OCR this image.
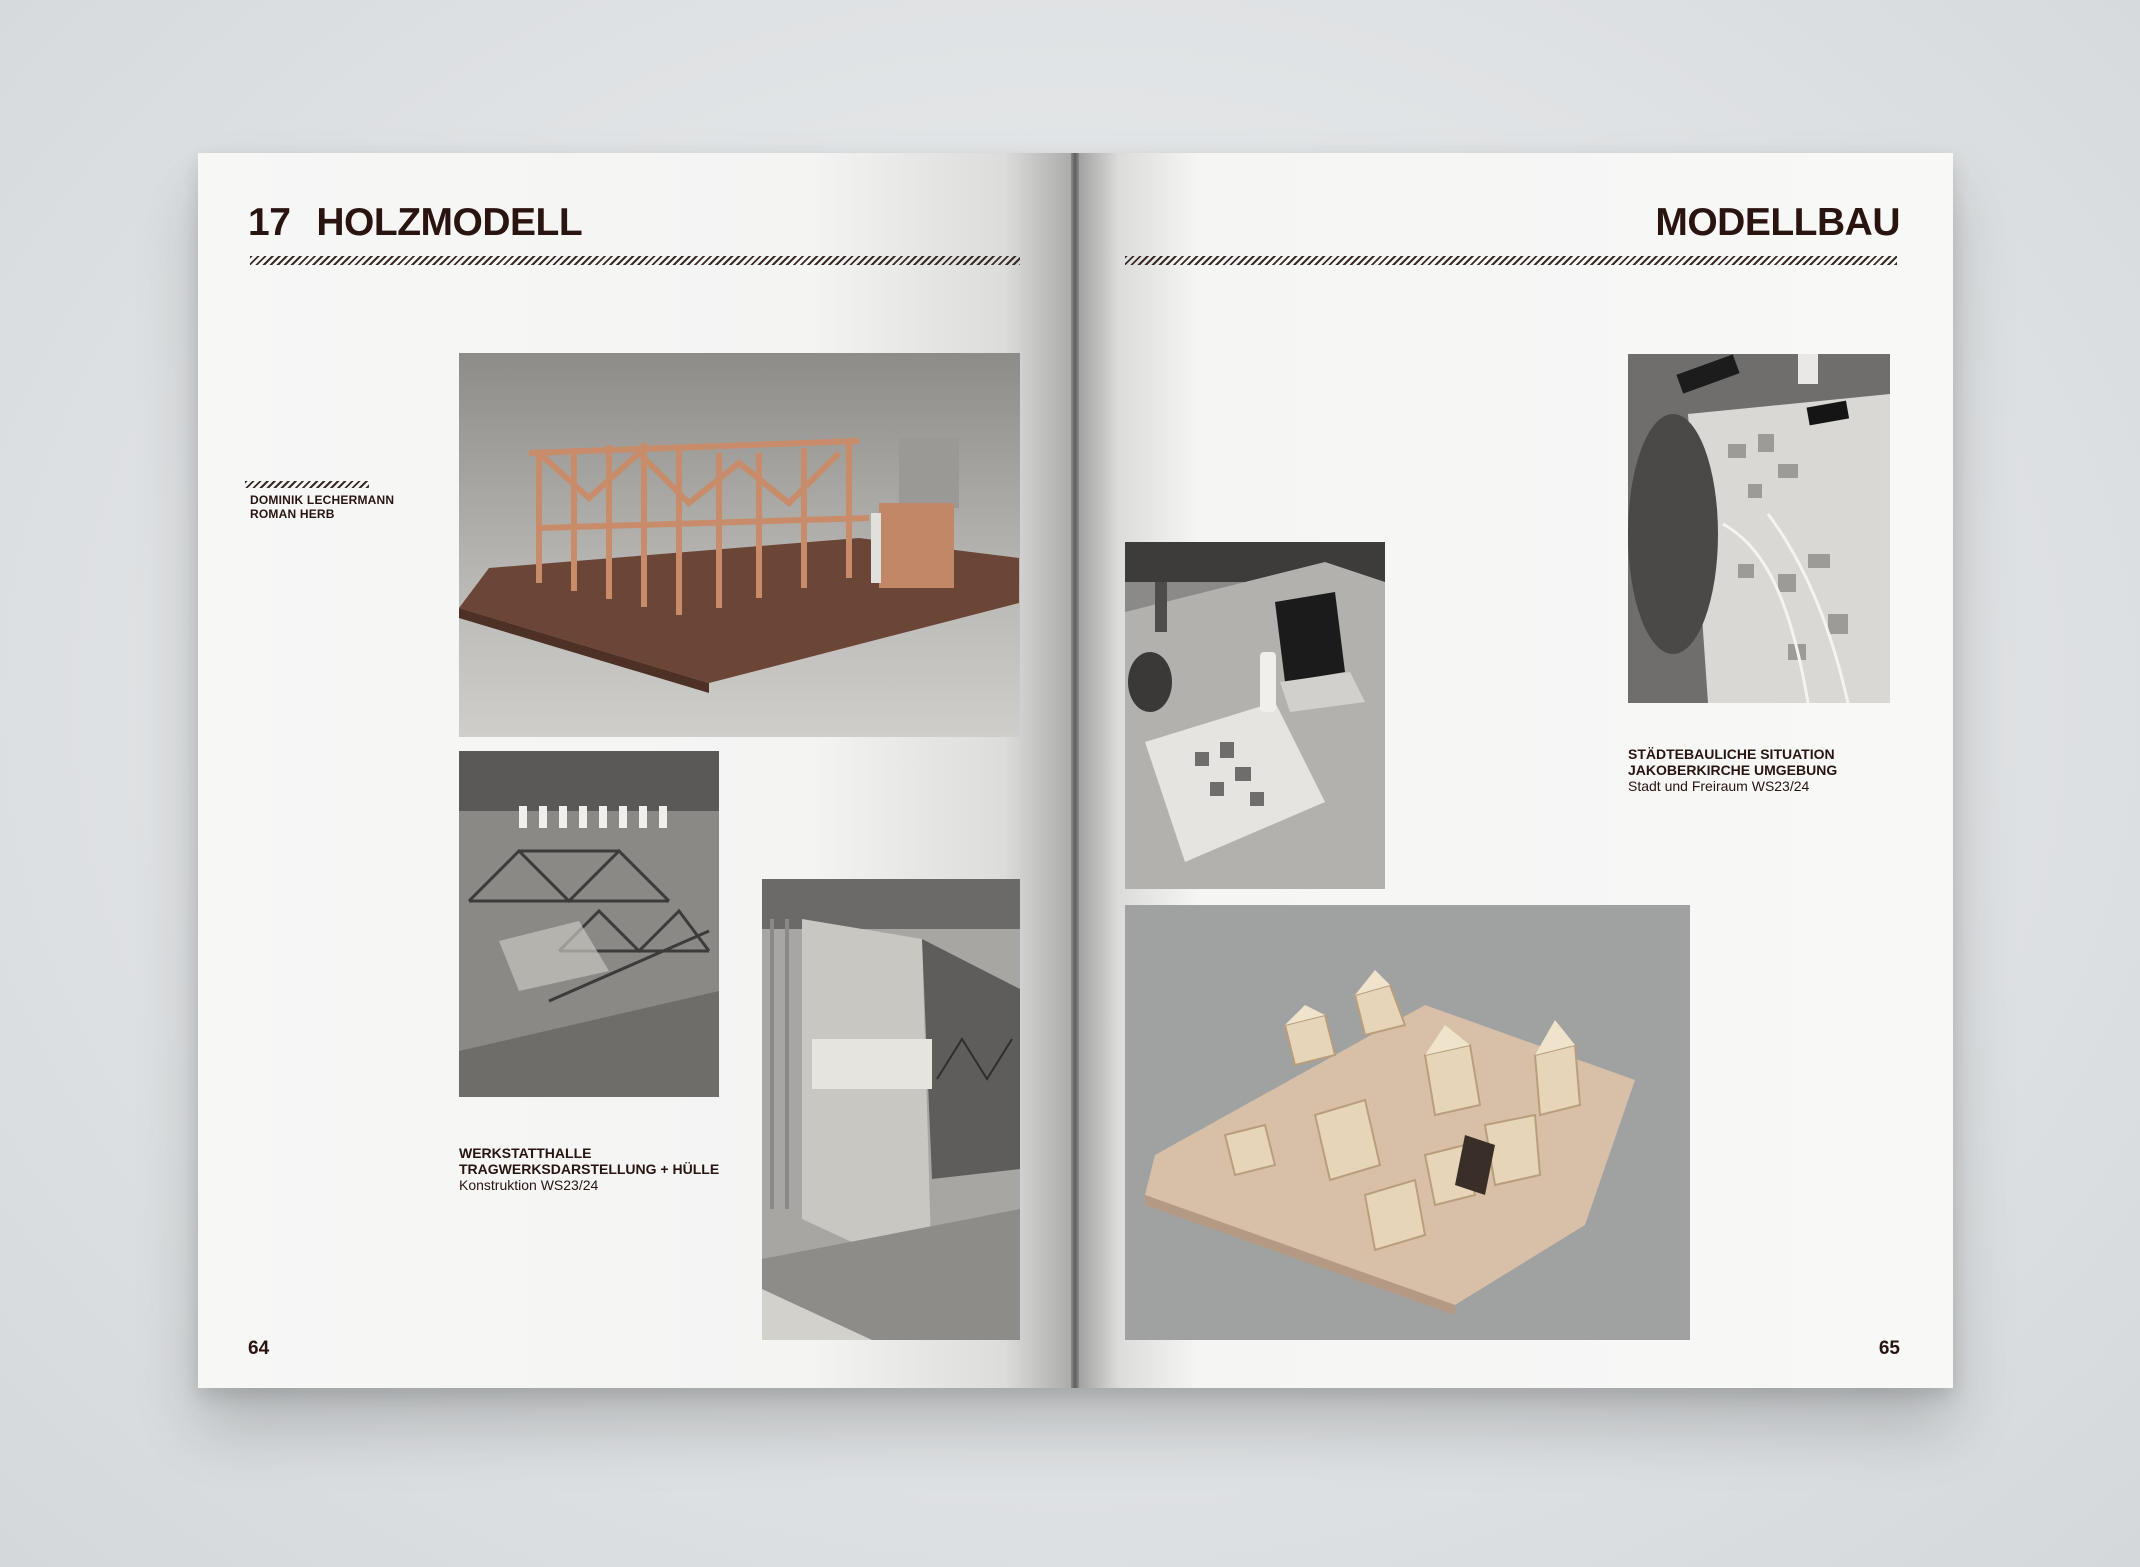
17 HOLZMODELL
DOMINIK LECHERMANN
ROMAN HERB
WERKSTATTHALLE
TRAGWERKSDARSTELLUNG + HÜLLE
Konstruktion WS23/24
64
MODELLBAU
STÄDTEBAULICHE SITUATION
JAKOBERKIRCHE UMGEBUNG
Stadt und Freiraum WS23/24
65
